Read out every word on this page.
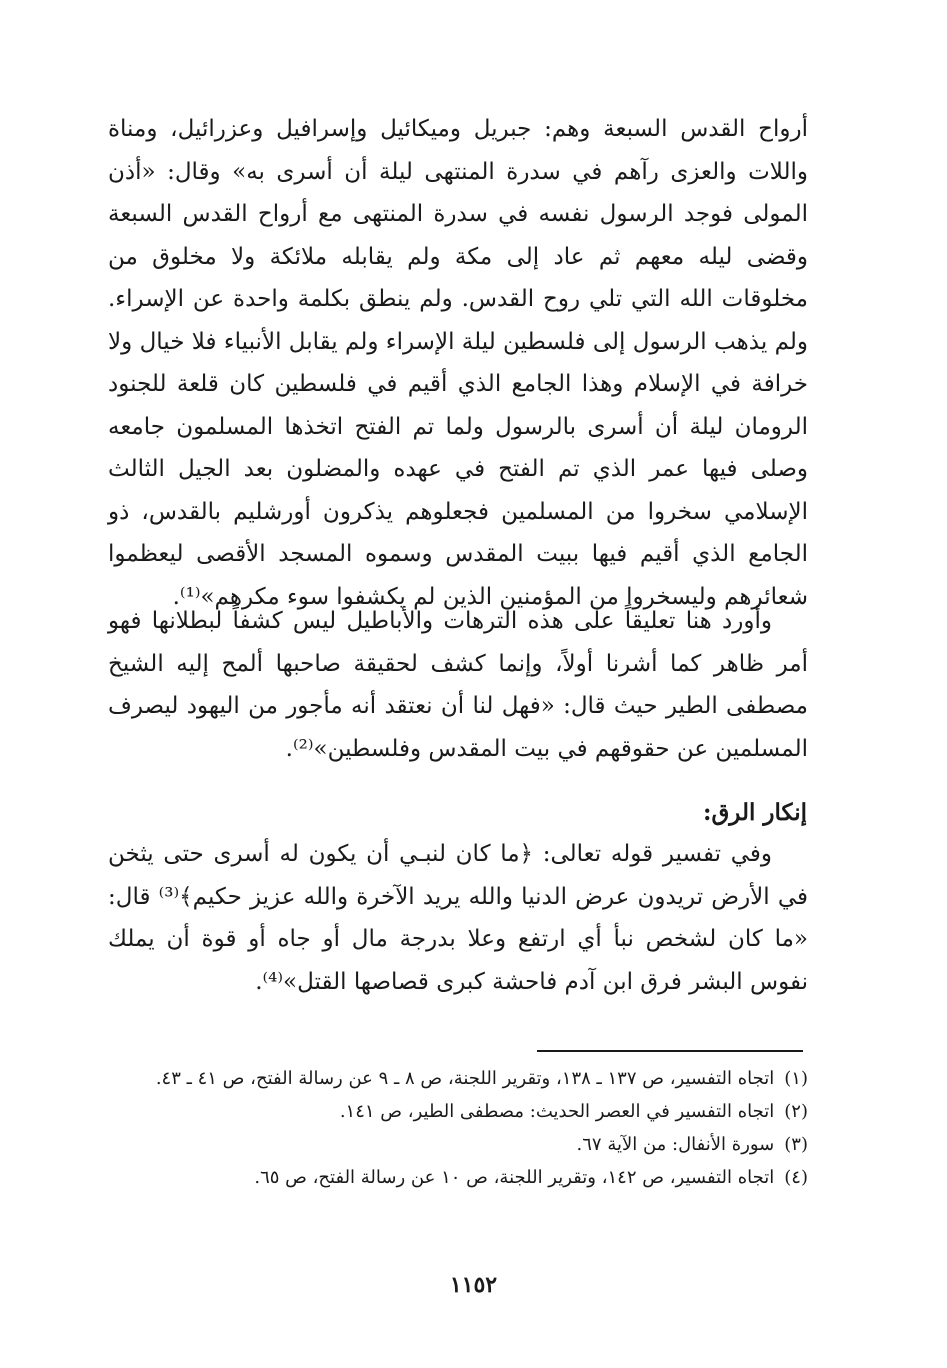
أرواح القدس السبعة وهم: جبريل وميكائيل وإسرافيل وعزرائيل، ومناة واللات والعزى رآهم في سدرة المنتهى ليلة أن أسرى به» وقال: «أذن المولى فوجد الرسول نفسه في سدرة المنتهى مع أرواح القدس السبعة وقضى ليله معهم ثم عاد إلى مكة ولم يقابله ملائكة ولا مخلوق من مخلوقات الله التي تلي روح القدس. ولم ينطق بكلمة واحدة عن الإسراء. ولم يذهب الرسول إلى فلسطين ليلة الإسراء ولم يقابل الأنبياء فلا خيال ولا خرافة في الإسلام وهذا الجامع الذي أقيم في فلسطين كان قلعة للجنود الرومان ليلة أن أسرى بالرسول ولما تم الفتح اتخذها المسلمون جامعه وصلى فيها عمر الذي تم الفتح في عهده والمضلون بعد الجيل الثالث الإسلامي سخروا من المسلمين فجعلوهم يذكرون أورشليم بالقدس، ذو الجامع الذي أقيم فيها ببيت المقدس وسموه المسجد الأقصى ليعظموا شعائرهم وليسخروا من المؤمنين الذين لم يكشفوا سوء مكرهم»⁽¹⁾.

وأورد هنا تعليقاً على هذه الترهات والأباطيل ليس كشفاً لبطلانها فهو أمر ظاهر كما أشرنا أولاً، وإنما كشف لحقيقة صاحبها ألمح إليه الشيخ مصطفى الطير حيث قال: «فهل لنا أن نعتقد أنه مأجور من اليهود ليصرف المسلمين عن حقوقهم في بيت المقدس وفلسطين»⁽²⁾.

إنكار الرق:

وفي تفسير قوله تعالى: ﴿ما كان لنبـي أن يكون له أسرى حتى يثخن في الأرض تريدون عرض الدنيا والله يريد الآخرة والله عزيز حكيم﴾⁽³⁾ قال: «ما كان لشخص نبأ أي ارتفع وعلا بدرجة مال أو جاه أو قوة أن يملك نفوس البشر فرق ابن آدم فاحشة كبرى قصاصها القتل»⁽⁴⁾.

(١)اتجاه التفسير، ص ١٣٧ ـ ١٣٨، وتقرير اللجنة، ص ٨ ـ ٩ عن رسالة الفتح، ص ٤١ ـ ٤٣.
(٢)اتجاه التفسير في العصر الحديث: مصطفى الطير، ص ١٤١.
(٣)سورة الأنفال: من الآية ٦٧.
(٤)اتجاه التفسير، ص ١٤٢، وتقرير اللجنة، ص ١٠ عن رسالة الفتح، ص ٦٥.
١١٥٢
